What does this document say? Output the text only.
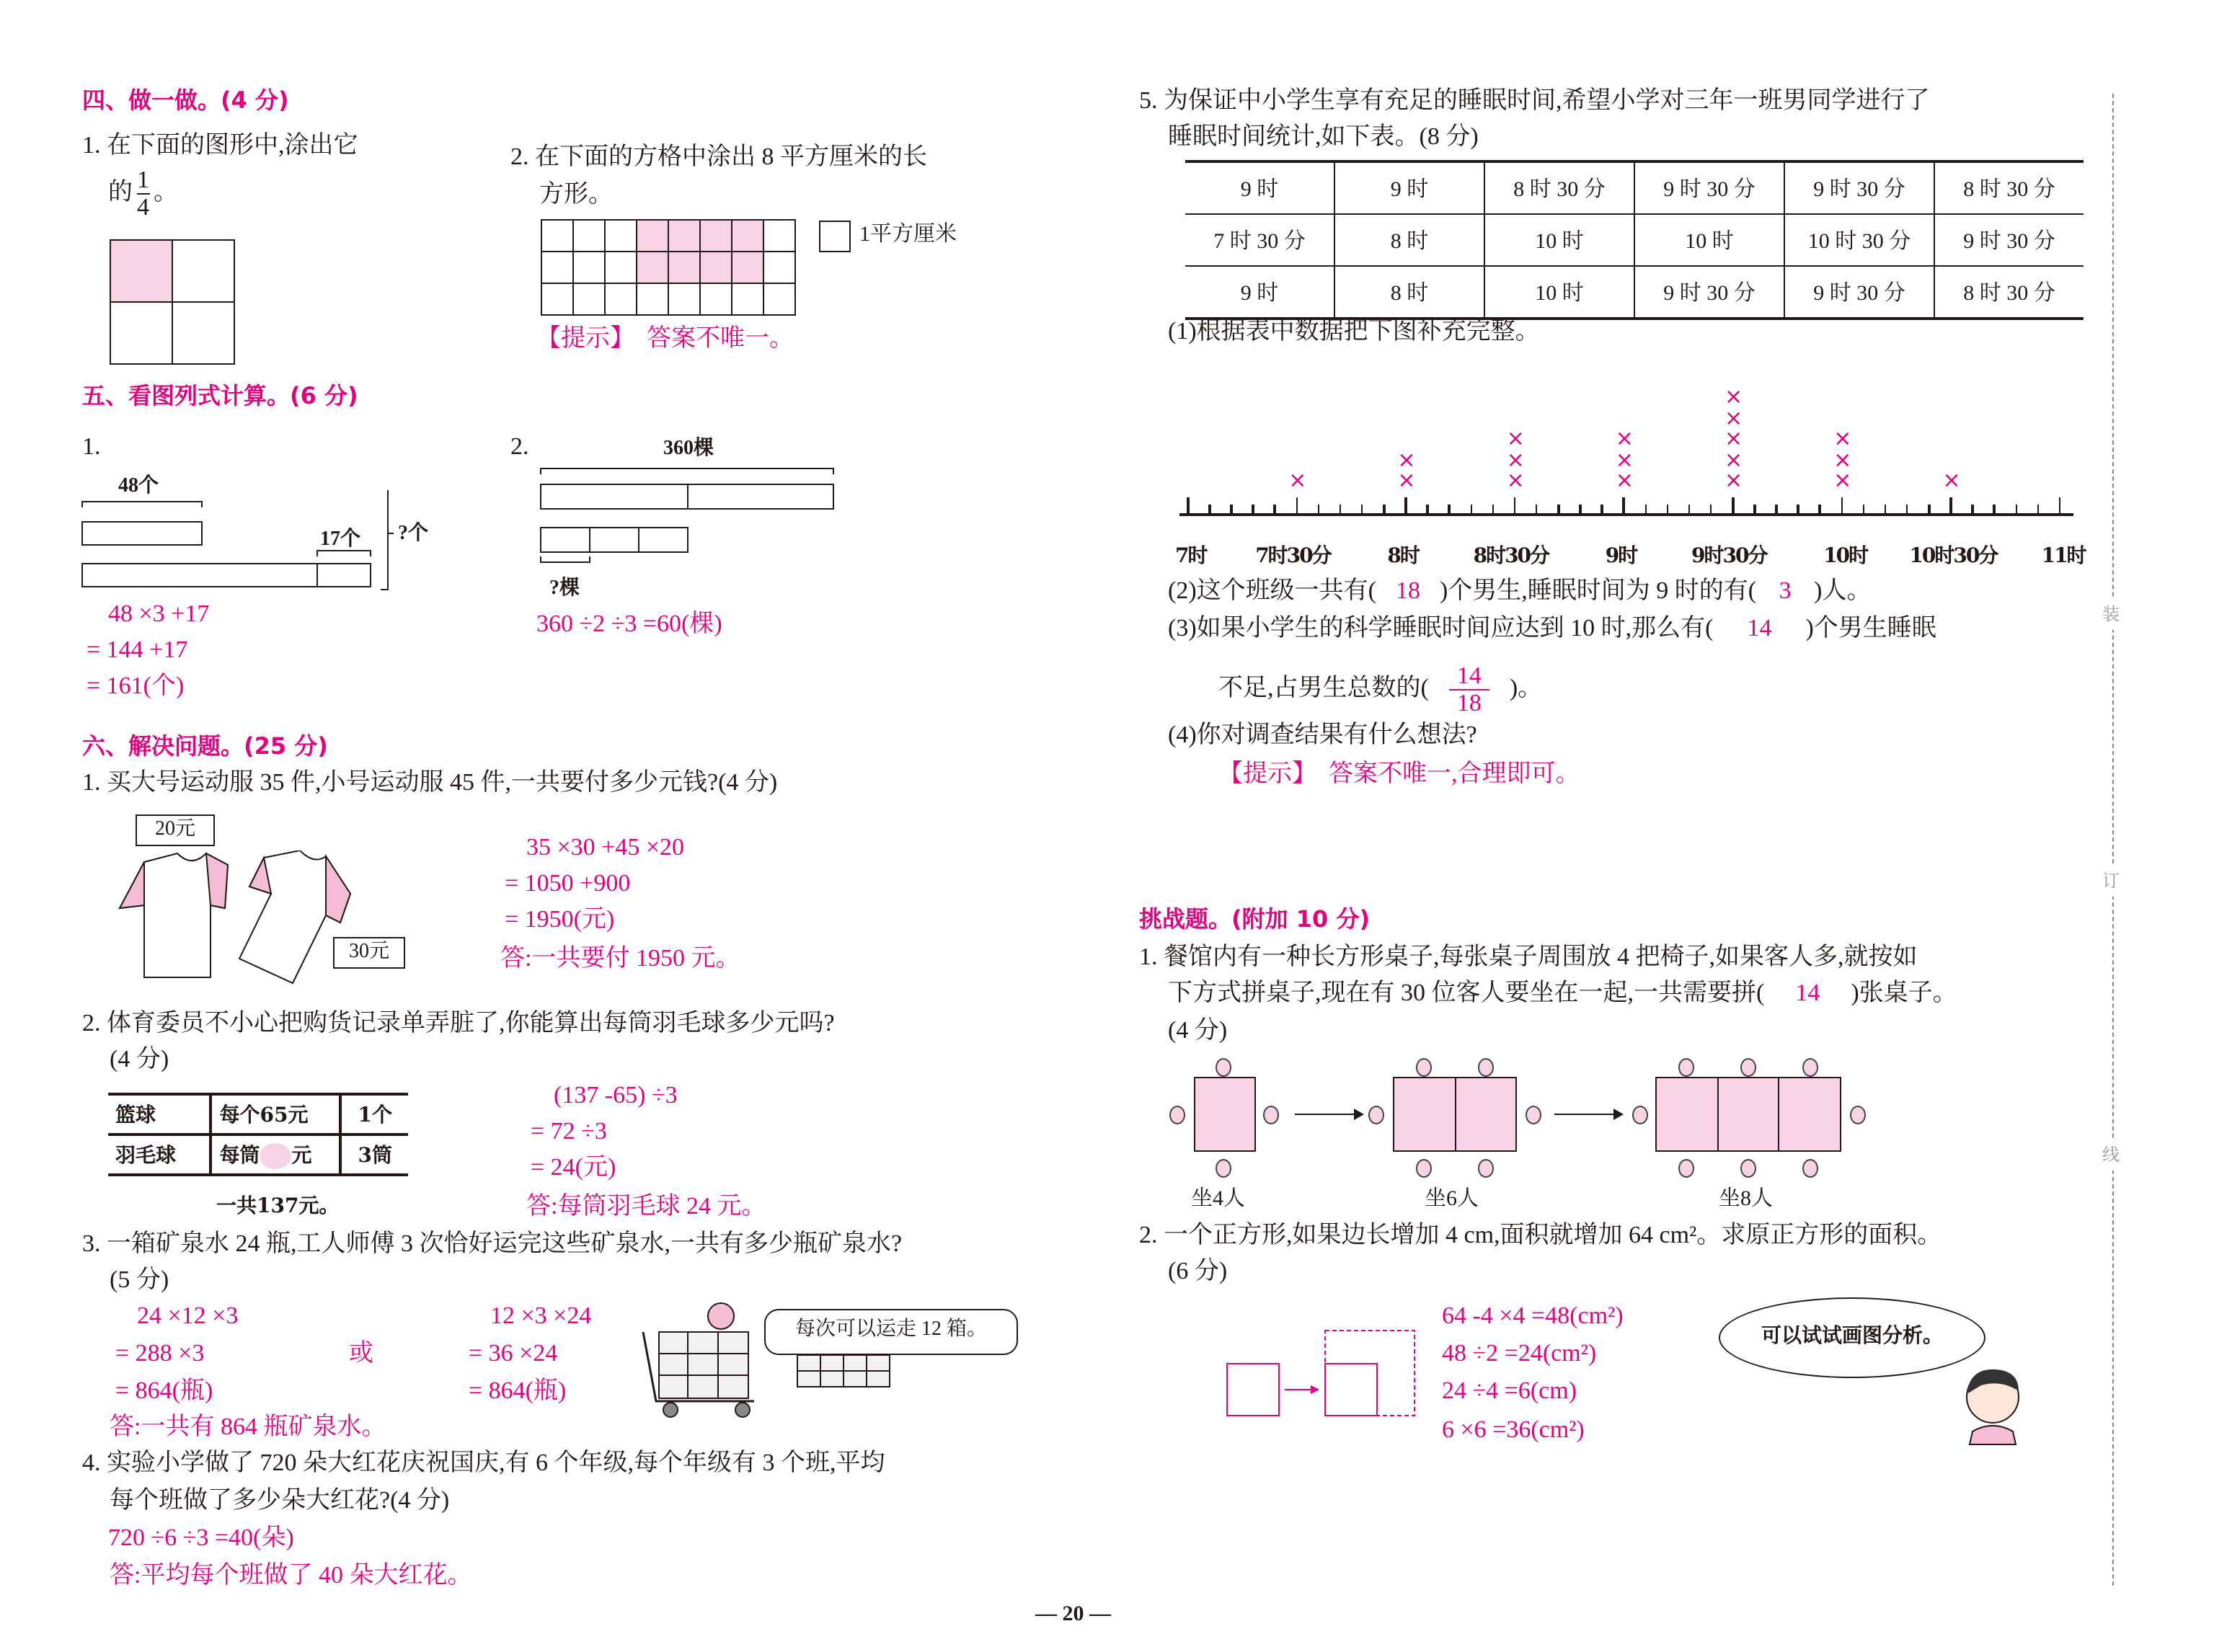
四、做一做。(4 分)
1. 在下面的图形中,涂出它
的 $\frac{1}{4}$ 。

2. 在下面的方格中涂出 8 平方厘米的长
方形。

1平方厘米
【提示】 答案不唯一。
五、看图列式计算。(6 分)
1.
48个
17个	?个
48 ×3 +17
= 144 +17
= 161(个)
2.	360棵
?棵
360 ÷2 ÷3 =60(棵)
六、解决问题。(25 分)
1. 买大号运动服 35 件,小号运动服 45 件,一共要付多少元钱?(4 分)
20元
30元
35 ×30 +45 ×20
= 1050 +900
= 1950(元)
答:一共要付 1950 元。
2. 体育委员不小心把购货记录单弄脏了,你能算出每筒羽毛球多少元吗?
(4 分)
篮球	每个65元	1个
羽毛球	每筒 元	3筒
一共137元。
(137 -65) ÷3
= 72 ÷3
= 24(元)
答:每筒羽毛球 24 元。
3. 一箱矿泉水 24 瓶,工人师傅 3 次恰好运完这些矿泉水,一共有多少瓶矿泉水?
(5 分)
24 ×12 ×3
= 288 ×3
= 864(瓶)
或
12 ×3 ×24
= 36 ×24
= 864(瓶)
每次可以运走 12 箱。
答:一共有 864 瓶矿泉水。
4. 实验小学做了 720 朵大红花庆祝国庆,有 6 个年级,每个年级有 3 个班,平均
每个班做了多少朵大红花?(4 分)
720 ÷6 ÷3 =40(朵)
答:平均每个班做了 40 朵大红花。
— 20 —
5. 为保证中小学生享有充足的睡眠时间,希望小学对三年一班男同学进行了
睡眠时间统计,如下表。(8 分)
9 时	9 时	8 时 30 分	9 时 30 分	9 时 30 分	8 时 30 分
7 时 30 分	8 时	10 时	10 时	10 时 30 分	9 时 30 分
9 时	8 时	10 时	9 时 30 分	9 时 30 分	8 时 30 分
(1)根据表中数据把下图补充完整。
7时	7时30分	8时	8时30分	9时	9时30分	10时	10时30分	11时
×	×
×
×
×
×
×
×
×
×
×
×
×
×
×
×
×
×
(2)这个班级一共有( 18 )个男生,睡眠时间为 9 时的有( 3 )人。
(3)如果小学生的科学睡眠时间应达到 10 时,那么有(	14	)个男生睡眠
不足,占男生总数的( $\frac{14}{18}$ )。
(4)你对调查结果有什么想法?
【提示】 答案不唯一,合理即可。
挑战题。(附加 10 分)
1. 餐馆内有一种长方形桌子,每张桌子周围放 4 把椅子,如果客人多,就按如
下方式拼桌子,现在有 30 位客人要坐在一起,一共需要拼(	14	)张桌子。
(4 分)
坐4人	坐6人	坐8人
2. 一个正方形,如果边长增加 4 cm,面积就增加 64 cm²。求原正方形的面积。
(6 分)
64 -4 ×4 =48(cm²)
48 ÷2 =24(cm²)
24 ÷4 =6(cm)
6 ×6 =36(cm²)
可以试试画图分析。
装
订
线
